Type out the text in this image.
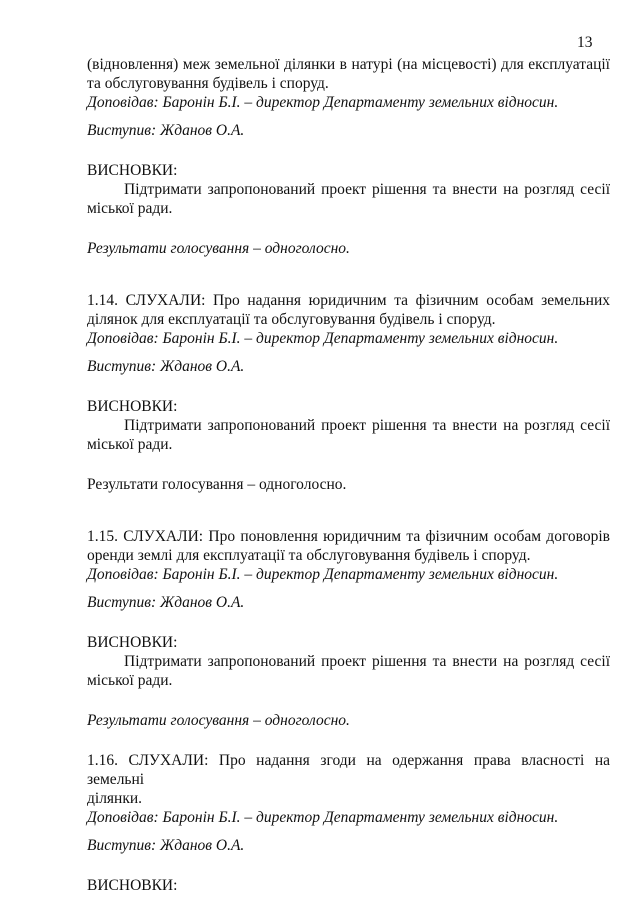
13

(відновлення) меж земельної ділянки в натурі (на місцевості) для експлуатації

та обслуговування будівель і споруд.

Доповідав: Баронін Б.І. – директор Департаменту земельних відносин.

Виступив: Жданов О.А.

ВИСНОВКИ:

Підтримати запропонований проект рішення та внести на розгляд сесії

міської ради.

Результати голосування – одноголосно.

1.14. СЛУХАЛИ: Про надання юридичним та фізичним особам земельних

ділянок для експлуатації та обслуговування будівель і споруд.

Доповідав: Баронін Б.І. – директор Департаменту земельних відносин.

Виступив: Жданов О.А.

ВИСНОВКИ:

Підтримати запропонований проект рішення та внести на розгляд сесії

міської ради.

Результати голосування – одноголосно.

1.15. СЛУХАЛИ: Про поновлення юридичним та фізичним особам договорів

оренди землі для експлуатації та обслуговування будівель і споруд.

Доповідав: Баронін Б.І. – директор Департаменту земельних відносин.

Виступив: Жданов О.А.

ВИСНОВКИ:

Підтримати запропонований проект рішення та внести на розгляд сесії

міської ради.

Результати голосування – одноголосно.

1.16. СЛУХАЛИ: Про надання згоди на одержання права власності на земельні

ділянки.

Доповідав: Баронін Б.І. – директор Департаменту земельних відносин.

Виступив: Жданов О.А.

ВИСНОВКИ:
